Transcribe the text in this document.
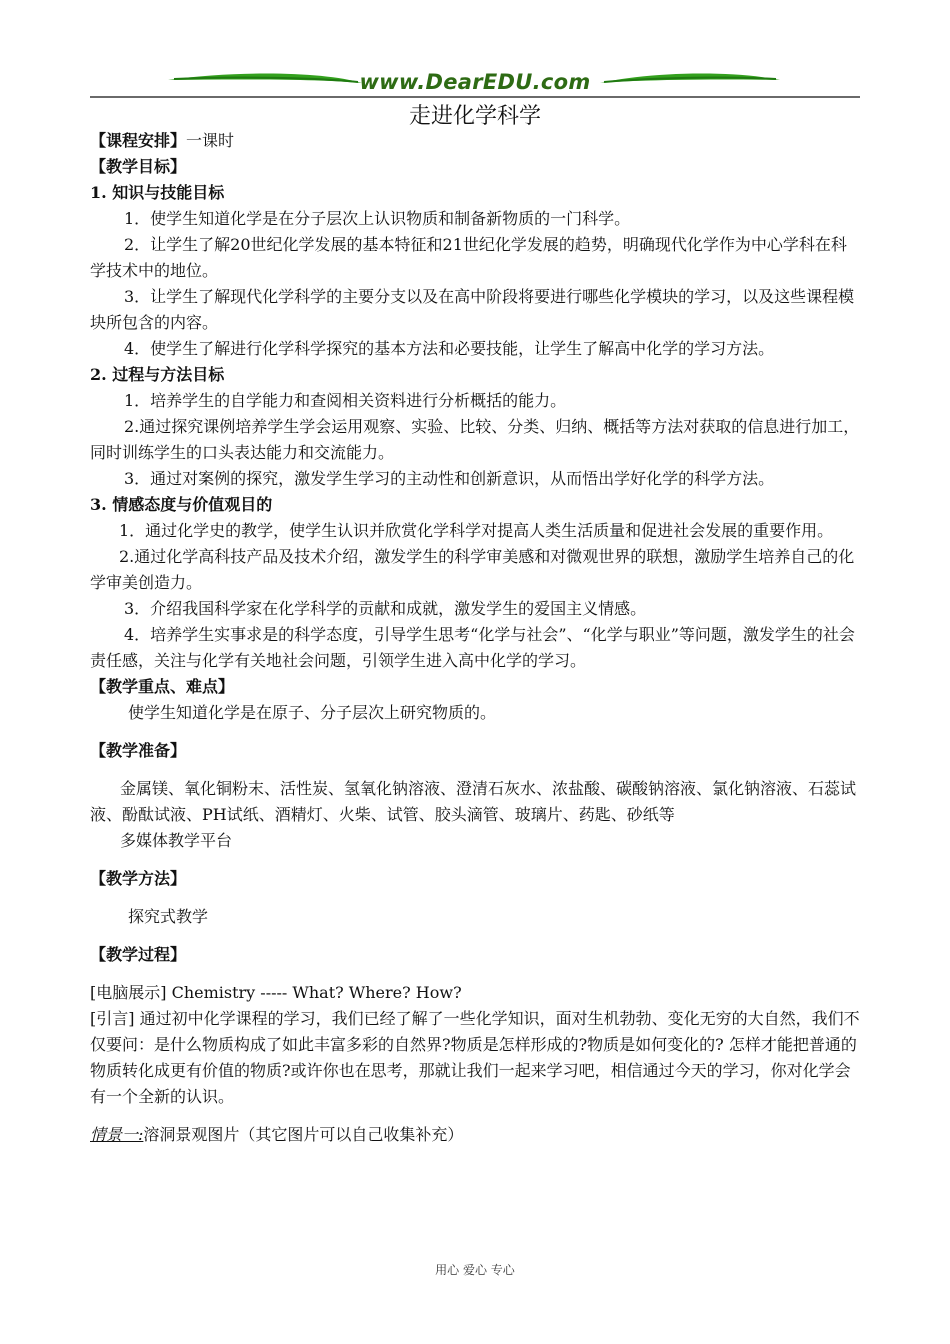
www.DearEDU.com
走进化学科学

【课程安排】一课时

【教学目标】

1. 知识与技能目标

1．使学生知道化学是在分子层次上认识物质和制备新物质的一门科学。

2．让学生了解20世纪化学发展的基本特征和21世纪化学发展的趋势，明确现代化学作为中心学科在科学技术中的地位。

3．让学生了解现代化学科学的主要分支以及在高中阶段将要进行哪些化学模块的学习，以及这些课程模块所包含的内容。

4．使学生了解进行化学科学探究的基本方法和必要技能，让学生了解高中化学的学习方法。

2. 过程与方法目标

1．培养学生的自学能力和查阅相关资料进行分析概括的能力。

2.通过探究课例培养学生学会运用观察、实验、比较、分类、归纳、概括等方法对获取的信息进行加工，同时训练学生的口头表达能力和交流能力。

3．通过对案例的探究，激发学生学习的主动性和创新意识，从而悟出学好化学的科学方法。

3. 情感态度与价值观目的

1．通过化学史的教学，使学生认识并欣赏化学科学对提高人类生活质量和促进社会发展的重要作用。

2.通过化学高科技产品及技术介绍，激发学生的科学审美感和对微观世界的联想，激励学生培养自己的化学审美创造力。

3．介绍我国科学家在化学科学的贡献和成就，激发学生的爱国主义情感。

4．培养学生实事求是的科学态度，引导学生思考“化学与社会”、“化学与职业”等问题，激发学生的社会责任感，关注与化学有关地社会问题，引领学生进入高中化学的学习。

【教学重点、难点】

使学生知道化学是在原子、分子层次上研究物质的。

【教学准备】

金属镁、氧化铜粉末、活性炭、氢氧化钠溶液、澄清石灰水、浓盐酸、碳酸钠溶液、氯化钠溶液、石蕊试液、酚酞试液、PH试纸、酒精灯、火柴、试管、胶头滴管、玻璃片、药匙、砂纸等

多媒体教学平台

【教学方法】

探究式教学

【教学过程】

[电脑展示] Chemistry ----- What? Where? How?

[引言] 通过初中化学课程的学习，我们已经了解了一些化学知识，面对生机勃勃、变化无穷的大自然，我们不仅要问：是什么物质构成了如此丰富多彩的自然界?物质是怎样形成的?物质是如何变化的? 怎样才能把普通的物质转化成更有价值的物质?或许你也在思考，那就让我们一起来学习吧，相信通过今天的学习，你对化学会有一个全新的认识。

情景一:溶洞景观图片（其它图片可以自己收集补充）

用心 爱心 专心
